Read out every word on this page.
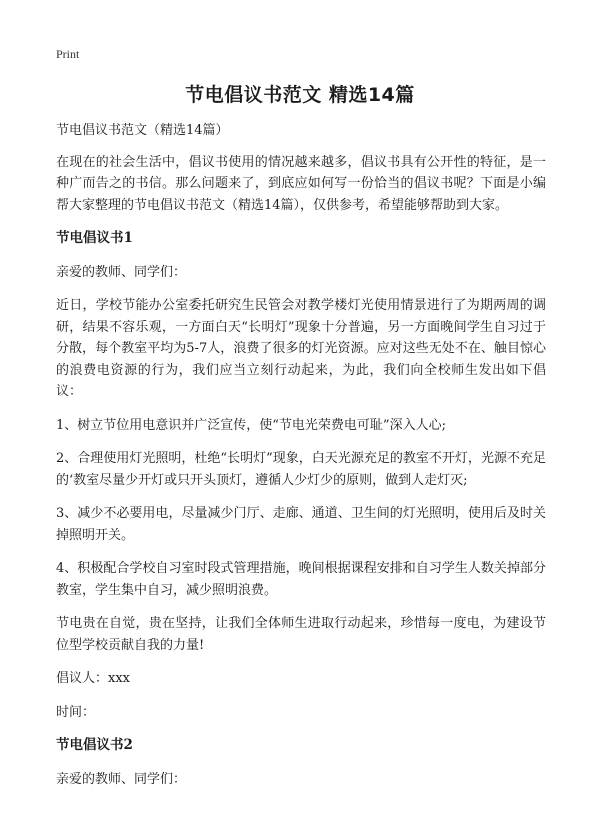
Print
节电倡议书范文 精选14篇

节电倡议书范文（精选14篇）

在现在的社会生活中，倡议书使用的情况越来越多，倡议书具有公开性的特征，是一种广而告之的书信。那么问题来了，到底应如何写一份恰当的倡议书呢？下面是小编帮大家整理的节电倡议书范文（精选14篇），仅供参考，希望能够帮助到大家。

节电倡议书1

亲爱的教师、同学们：

近日，学校节能办公室委托研究生民管会对教学楼灯光使用情景进行了为期两周的调研，结果不容乐观，一方面白天“长明灯”现象十分普遍，另一方面晚间学生自习过于分散，每个教室平均为5-7人，浪费了很多的灯光资源。应对这些无处不在、触目惊心的浪费电资源的行为，我们应当立刻行动起来，为此，我们向全校师生发出如下倡议：

1、树立节位用电意识并广泛宣传，使“节电光荣费电可耻”深入人心;

2、合理使用灯光照明，杜绝“长明灯”现象，白天光源充足的教室不开灯，光源不充足的‘教室尽量少开灯或只开头顶灯，遵循人少灯少的原则，做到人走灯灭;

3、减少不必要用电，尽量减少门厅、走廊、通道、卫生间的灯光照明，使用后及时关掉照明开关。

4、积极配合学校自习室时段式管理措施，晚间根据课程安排和自习学生人数关掉部分教室，学生集中自习，减少照明浪费。

节电贵在自觉，贵在坚持，让我们全体师生进取行动起来，珍惜每一度电，为建设节位型学校贡献自我的力量!

倡议人：xxx

时间：

节电倡议书2

亲爱的教师、同学们：
